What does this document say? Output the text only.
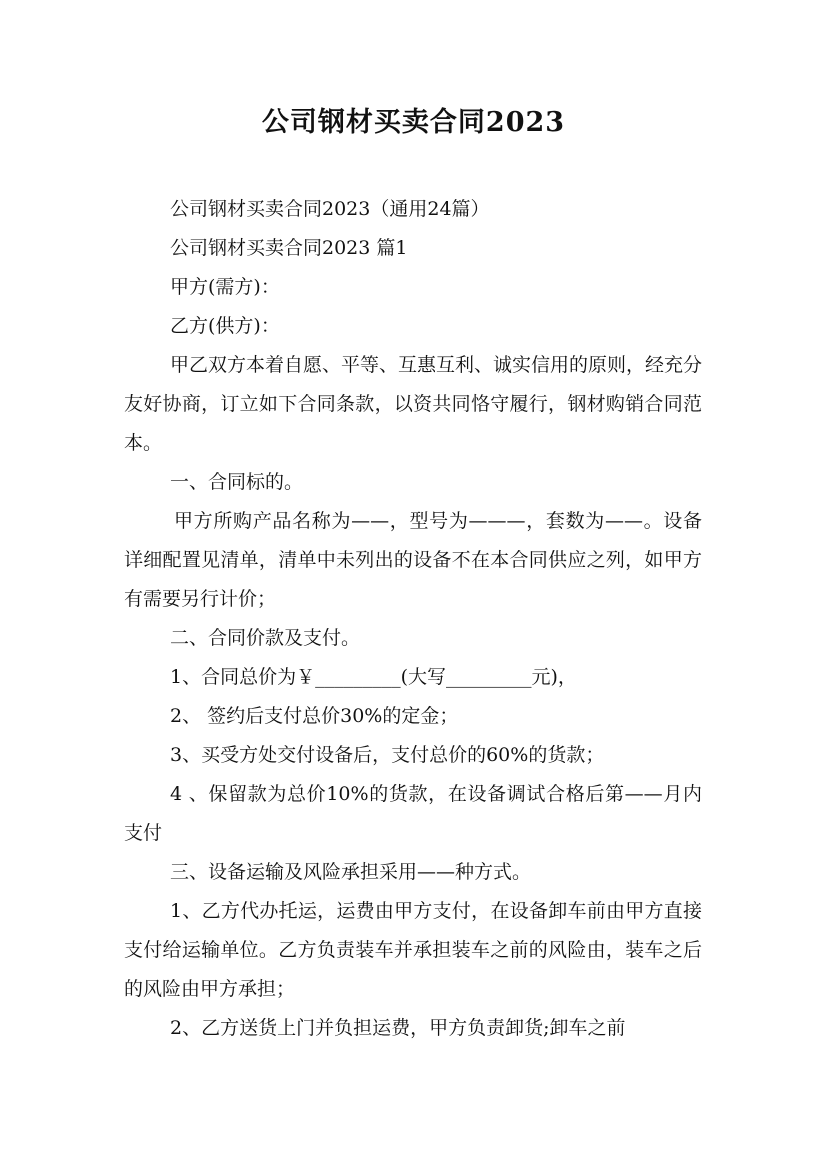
公司钢材买卖合同2023

公司钢材买卖合同2023（通用24篇）

公司钢材买卖合同2023 篇1

甲方(需方)：

乙方(供方)：

甲乙双方本着自愿、平等、互惠互利、诚实信用的原则，经充分友好协商，订立如下合同条款，以资共同恪守履行，钢材购销合同范本。

一、合同标的。

甲方所购产品名称为——，型号为———，套数为——。设备详细配置见清单，清单中未列出的设备不在本合同供应之列，如甲方有需要另行计价；

二、合同价款及支付。

1、合同总价为￥_________(大写_________元)，

2、 签约后支付总价30%的定金；

3、买受方处交付设备后，支付总价的60%的货款；

4 、保留款为总价10%的货款，在设备调试合格后第——月内支付

三、设备运输及风险承担采用——种方式。

1、乙方代办托运，运费由甲方支付，在设备卸车前由甲方直接支付给运输单位。乙方负责装车并承担装车之前的风险由，装车之后的风险由甲方承担；

2、乙方送货上门并负担运费，甲方负责卸货;卸车之前
